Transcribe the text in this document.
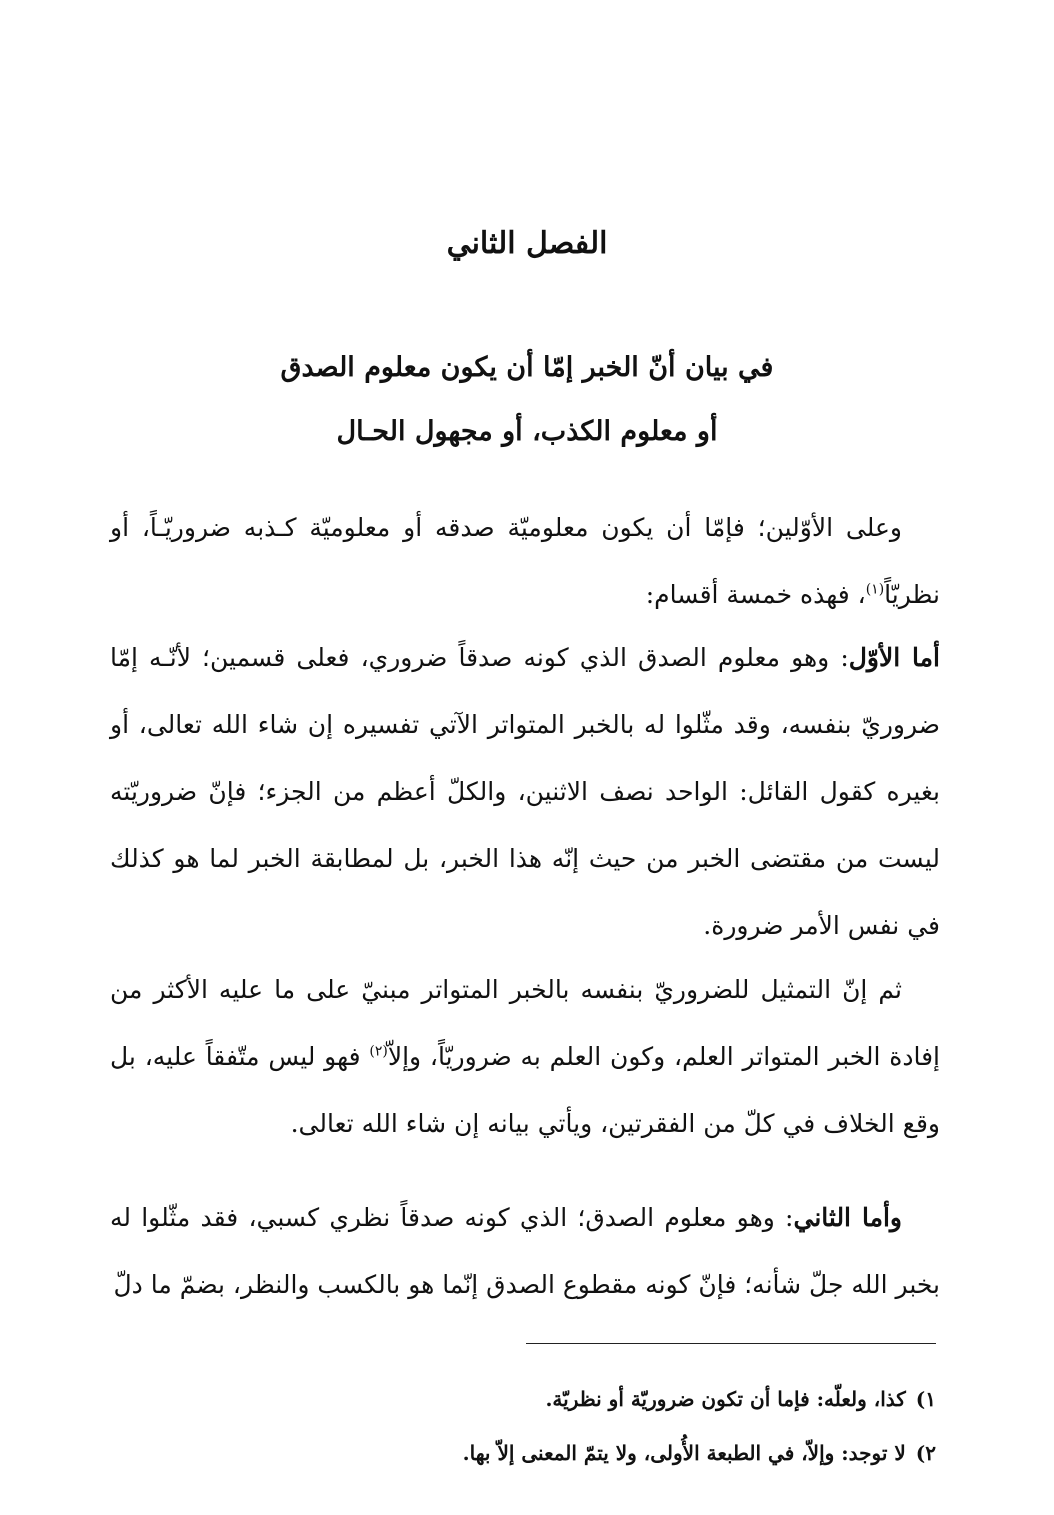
الفصل الثاني
في بيان أنّ الخبر إمّا أن يكون معلوم الصدق
أو معلوم الكذب، أو مجهول الحـال

وعلى الأوّلين؛ فإمّا أن يكون معلوميّة صدقه أو معلوميّة كـذبه ضروريّـاً، أو نظريّاً$^{(١)}$، فهذه خمسة أقسام:

أما الأوّل: وهو معلوم الصدق الذي كونه صدقاً ضروري، فعلى قسمين؛ لأنّـه إمّا ضروريّ بنفسه، وقد مثّلوا له بالخبر المتواتر الآتي تفسيره إن شاء الله تعالى، أو بغيره كقول القائل: الواحد نصف الاثنين، والكلّ أعظم من الجزء؛ فإنّ ضروريّته ليست من مقتضى الخبر من حيث إنّه هذا الخبر، بل لمطابقة الخبر لما هو كذلك في نفس الأمر ضرورة.

ثم إنّ التمثيل للضروريّ بنفسه بالخبر المتواتر مبنيّ على ما عليه الأكثر من إفادة الخبر المتواتر العلم، وكون العلم به ضروريّاً، وإلاّ$^{(٢)}$ فهو ليس متّفقاً عليه، بل وقع الخلاف في كلّ من الفقرتين، ويأتي بيانه إن شاء الله تعالى.

وأما الثاني: وهو معلوم الصدق؛ الذي كونه صدقاً نظري كسبي، فقد مثّلوا له بخبر الله جلّ شأنه؛ فإنّ كونه مقطوع الصدق إنّما هو بالكسب والنظر، بضمّ ما دلّ

١)
كذا، ولعلّه: فإما أن تكون ضروريّة أو نظريّة.
٢)
لا توجد: وإلاّ، في الطبعة الأُولى، ولا يتمّ المعنى إلاّ بها.
